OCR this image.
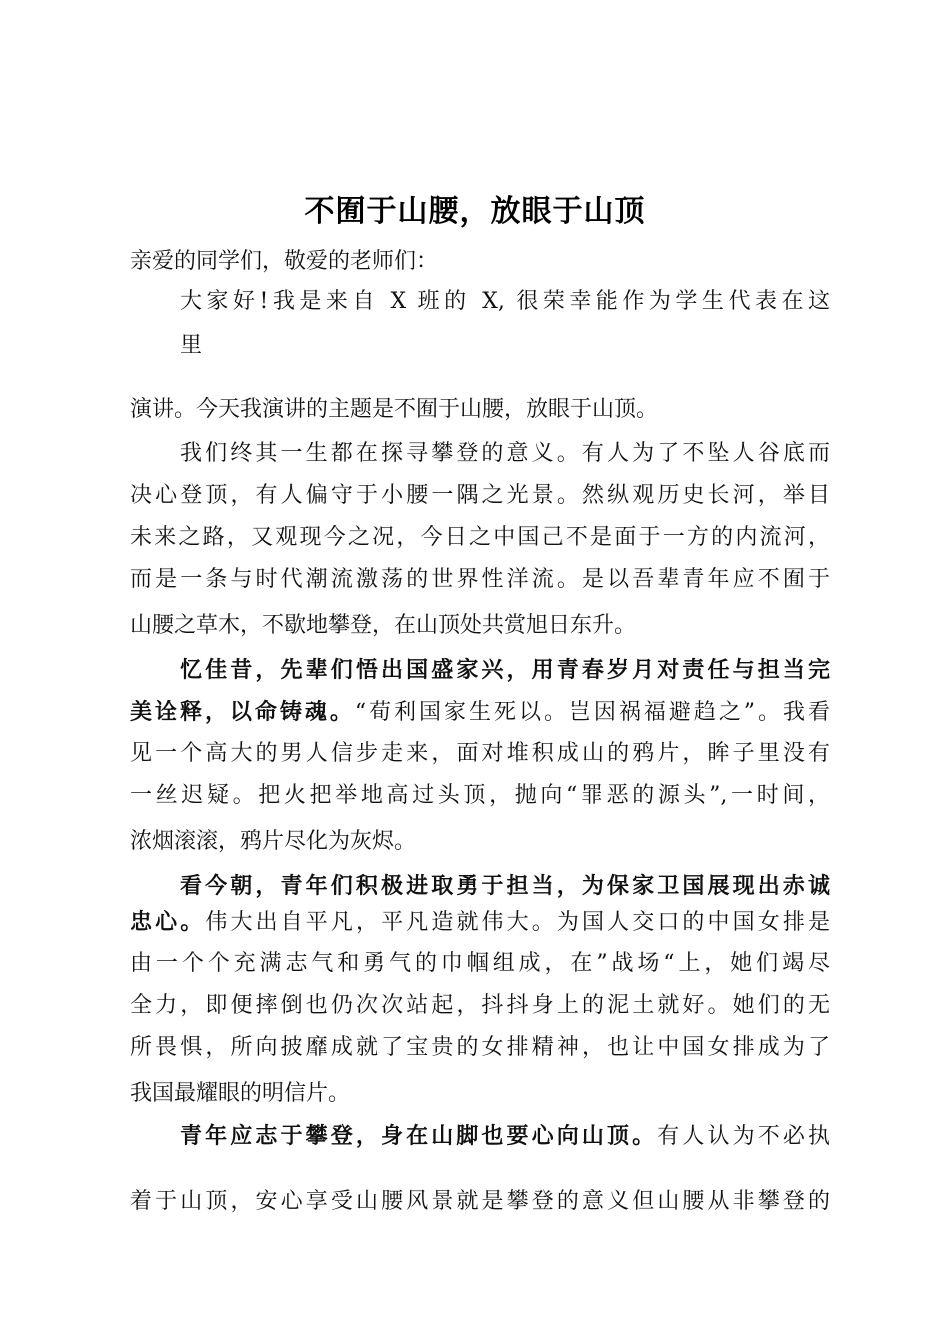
不囿于山腰，放眼于山顶
亲爱的同学们，敬爱的老师们：
大家好!我是来自 X 班的 X, 很荣幸能作为学生代表在这
里
演讲。今天我演讲的主题是不囿于山腰，放眼于山顶。
我们终其一生都在探寻攀登的意义。有人为了不坠人谷底而
决心登顶，有人偏守于小腰一隅之光景。然纵观历史长河，举目
未来之路，又观现今之况，今日之中国己不是面于一方的内流河，
而是一条与时代潮流激荡的世界性洋流。是以吾辈青年应不囿于
山腰之草木，不歇地攀登，在山顶处共赏旭日东升。
忆佳昔，先辈们悟出国盛家兴，用青春岁月对责任与担当完
美诠释，以命铸魂。“荀利国家生死以。岂因祸福避趋之”。我看
见一个高大的男人信步走来，面对堆积成山的鸦片，眸子里没有
一丝迟疑。把火把举地高过头顶，抛向“罪恶的源头”,一时间，
浓烟滚滚，鸦片尽化为灰烬。
看今朝，青年们积极进取勇于担当，为保家卫国展现出赤诚
忠心。伟大出自平凡，平凡造就伟大。为国人交口的中国女排是
由一个个充满志气和勇气的巾帼组成，在”战场“上，她们竭尽
全力，即便摔倒也仍次次站起，抖抖身上的泥土就好。她们的无
所畏惧，所向披靡成就了宝贵的女排精神，也让中国女排成为了
我国最耀眼的明信片。
青年应志于攀登，身在山脚也要心向山顶。有人认为不必执
着于山顶，安心享受山腰风景就是攀登的意义但山腰从非攀登的
